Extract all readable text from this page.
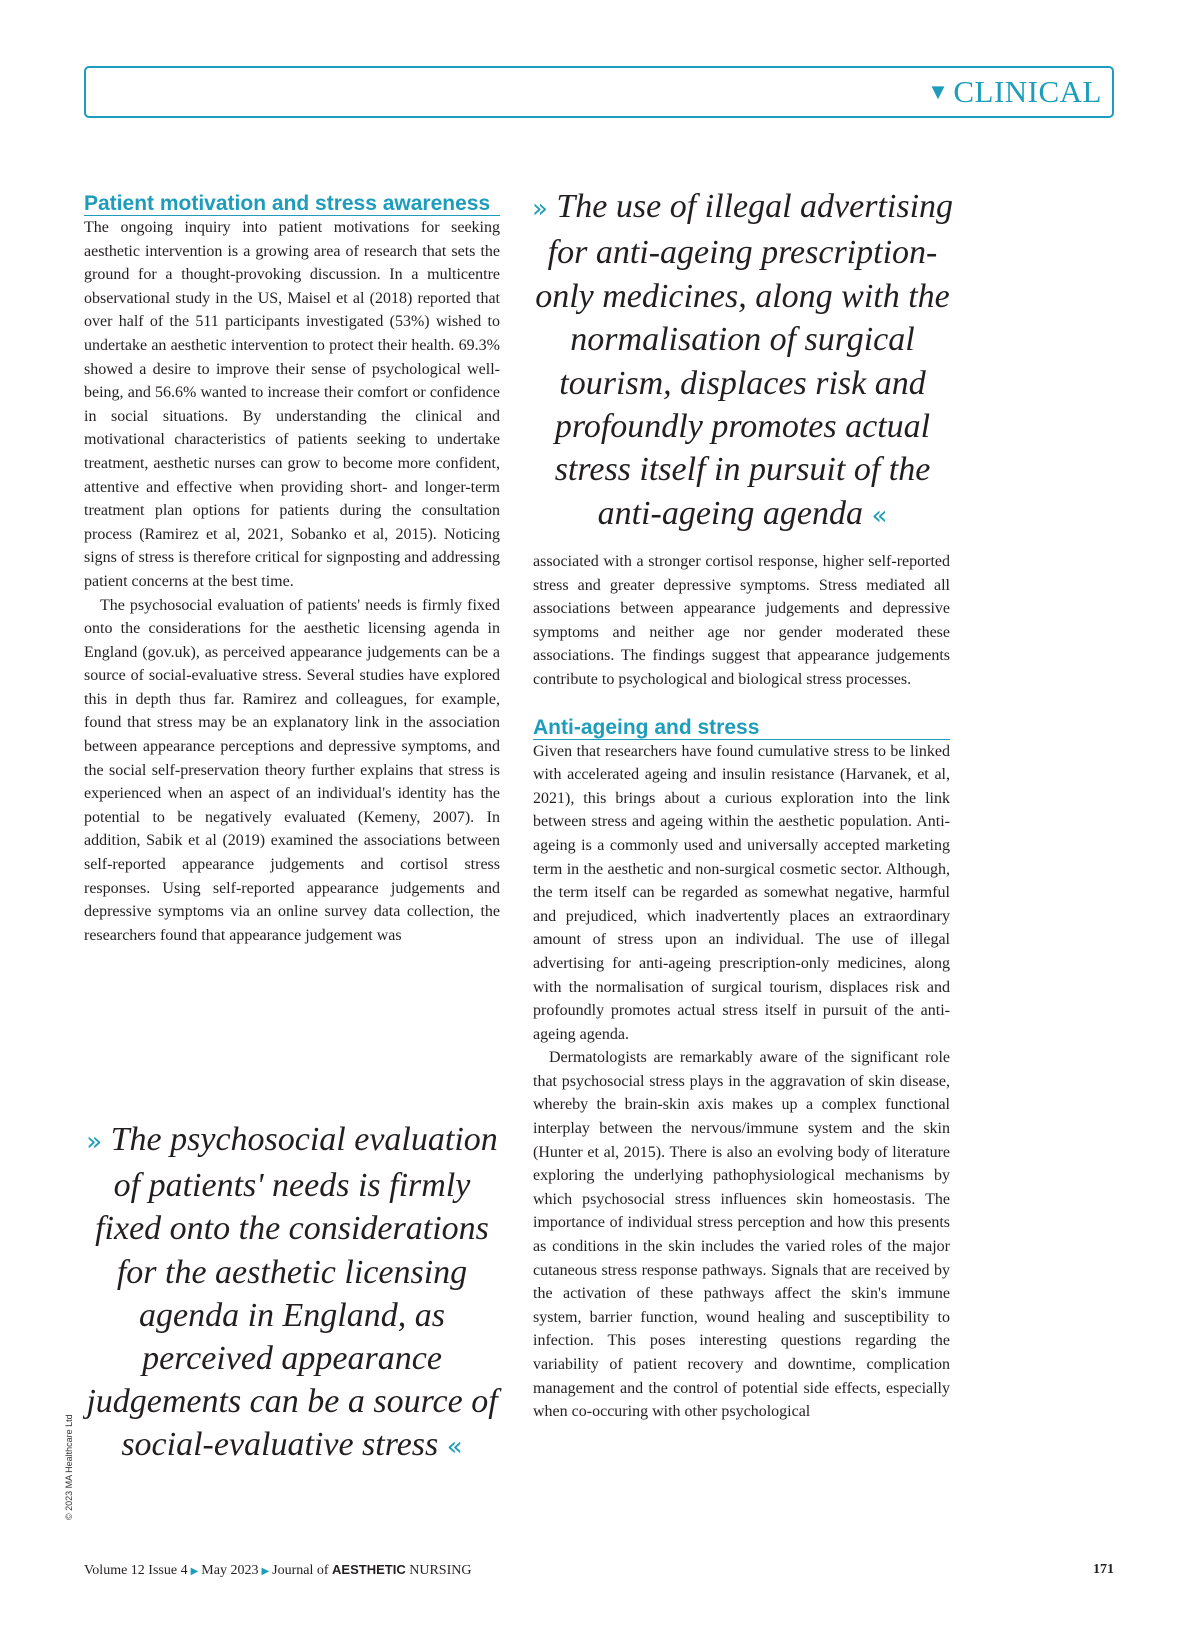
▼ CLINICAL
Patient motivation and stress awareness

The ongoing inquiry into patient motivations for seeking aesthetic intervention is a growing area of research that sets the ground for a thought-provoking discussion. In a multicentre observational study in the US, Maisel et al (2018) reported that over half of the 511 participants investigated (53%) wished to undertake an aesthetic intervention to protect their health. 69.3% showed a desire to improve their sense of psychological well-being, and 56.6% wanted to increase their comfort or confidence in social situations. By understanding the clinical and motivational characteristics of patients seeking to undertake treatment, aesthetic nurses can grow to become more confident, attentive and effective when providing short- and longer-term treatment plan options for patients during the consultation process (Ramirez et al, 2021, Sobanko et al, 2015). Noticing signs of stress is therefore critical for signposting and addressing patient concerns at the best time.

The psychosocial evaluation of patients' needs is firmly fixed onto the considerations for the aesthetic licensing agenda in England (gov.uk), as perceived appearance judgements can be a source of social-evaluative stress. Several studies have explored this in depth thus far. Ramirez and colleagues, for example, found that stress may be an explanatory link in the association between appearance perceptions and depressive symptoms, and the social self-preservation theory further explains that stress is experienced when an aspect of an individual's identity has the potential to be negatively evaluated (Kemeny, 2007). In addition, Sabik et al (2019) examined the associations between self-reported appearance judgements and cortisol stress responses. Using self-reported appearance judgements and depressive symptoms via an online survey data collection, the researchers found that appearance judgement was

» The use of illegal advertising for anti-ageing prescription-only medicines, along with the normalisation of surgical tourism, displaces risk and profoundly promotes actual stress itself in pursuit of the anti-ageing agenda «
» The psychosocial evaluation of patients' needs is firmly fixed onto the considerations for the aesthetic licensing agenda in England, as perceived appearance judgements can be a source of social-evaluative stress «

associated with a stronger cortisol response, higher self-reported stress and greater depressive symptoms. Stress mediated all associations between appearance judgements and depressive symptoms and neither age nor gender moderated these associations. The findings suggest that appearance judgements contribute to psychological and biological stress processes.

Anti-ageing and stress

Given that researchers have found cumulative stress to be linked with accelerated ageing and insulin resistance (Harvanek, et al, 2021), this brings about a curious exploration into the link between stress and ageing within the aesthetic population. Anti-ageing is a commonly used and universally accepted marketing term in the aesthetic and non-surgical cosmetic sector. Although, the term itself can be regarded as somewhat negative, harmful and prejudiced, which inadvertently places an extraordinary amount of stress upon an individual. The use of illegal advertising for anti-ageing prescription-only medicines, along with the normalisation of surgical tourism, displaces risk and profoundly promotes actual stress itself in pursuit of the anti-ageing agenda.

Dermatologists are remarkably aware of the significant role that psychosocial stress plays in the aggravation of skin disease, whereby the brain-skin axis makes up a complex functional interplay between the nervous/immune system and the skin (Hunter et al, 2015). There is also an evolving body of literature exploring the underlying pathophysiological mechanisms by which psychosocial stress influences skin homeostasis. The importance of individual stress perception and how this presents as conditions in the skin includes the varied roles of the major cutaneous stress response pathways. Signals that are received by the activation of these pathways affect the skin's immune system, barrier function, wound healing and susceptibility to infection. This poses interesting questions regarding the variability of patient recovery and downtime, complication management and the control of potential side effects, especially when co-occuring with other psychological

© 2023 MA Healthcare Ltd
Volume 12 Issue 4 ▶ May 2023 ▶ Journal of AESTHETIC NURSING	171
